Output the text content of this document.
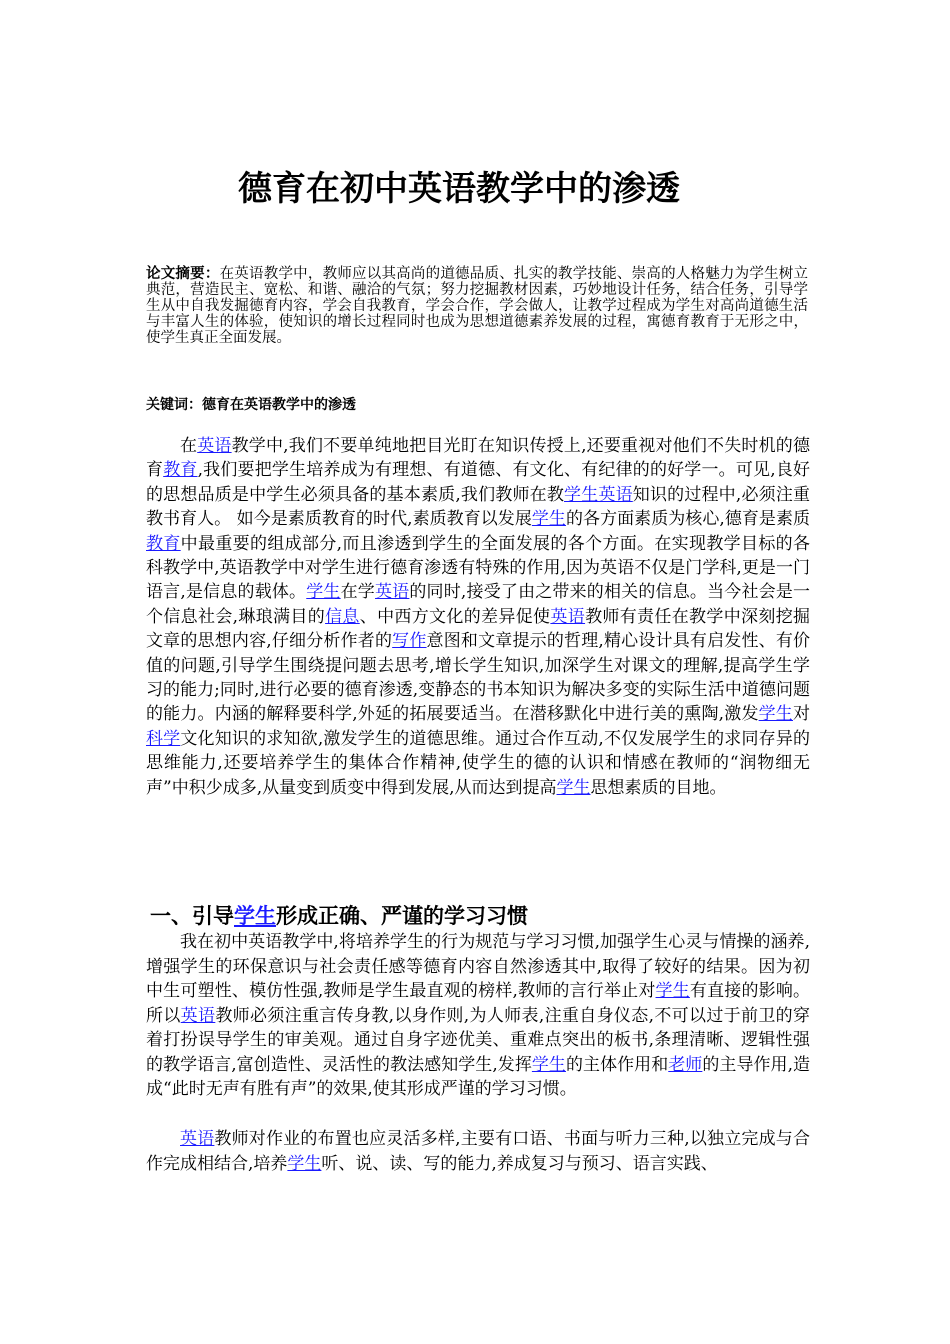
德育在初中英语教学中的渗透

论文摘要：在英语教学中，教师应以其高尚的道德品质、扎实的教学技能、崇高的人格魅力为学生树立典范，营造民主、宽松、和谐、融洽的气氛；努力挖掘教材因素，巧妙地设计任务，结合任务，引导学生从中自我发掘德育内容，学会自我教育，学会合作，学会做人，让教学过程成为学生对高尚道德生活与丰富人生的体验，使知识的增长过程同时也成为思想道德素养发展的过程，寓德育教育于无形之中，使学生真正全面发展。

关键词：德育在英语教学中的渗透

在英语教学中,我们不要单纯地把目光盯在知识传授上,还要重视对他们不失时机的德育教育,我们要把学生培养成为有理想、有道德、有文化、有纪律的的好学一。可见,良好的思想品质是中学生必须具备的基本素质,我们教师在教学生英语知识的过程中,必须注重教书育人。 如今是素质教育的时代,素质教育以发展学生的各方面素质为核心,德育是素质教育中最重要的组成部分,而且渗透到学生的全面发展的各个方面。在实现教学目标的各科教学中,英语教学中对学生进行德育渗透有特殊的作用,因为英语不仅是门学科,更是一门语言,是信息的载体。学生在学英语的同时,接受了由之带来的相关的信息。当今社会是一个信息社会,琳琅满目的信息、中西方文化的差异促使英语教师有责任在教学中深刻挖掘文章的思想内容,仔细分析作者的写作意图和文章提示的哲理,精心设计具有启发性、有价值的问题,引导学生围绕提问题去思考,增长学生知识,加深学生对课文的理解,提高学生学习的能力;同时,进行必要的德育渗透,变静态的书本知识为解决多变的实际生活中道德问题的能力。内涵的解释要科学,外延的拓展要适当。在潜移默化中进行美的熏陶,激发学生对科学文化知识的求知欲,激发学生的道德思维。通过合作互动,不仅发展学生的求同存异的思维能力,还要培养学生的集体合作精神,使学生的德的认识和情感在教师的“润物细无声”中积少成多,从量变到质变中得到发展,从而达到提高学生思想素质的目地。

一、引导学生形成正确、严谨的学习习惯

我在初中英语教学中,将培养学生的行为规范与学习习惯,加强学生心灵与情操的涵养,增强学生的环保意识与社会责任感等德育内容自然渗透其中,取得了较好的结果。因为初中生可塑性、模仿性强,教师是学生最直观的榜样,教师的言行举止对学生有直接的影响。所以英语教师必须注重言传身教,以身作则,为人师表,注重自身仪态,不可以过于前卫的穿着打扮误导学生的审美观。通过自身字迹优美、重难点突出的板书,条理清晰、逻辑性强的教学语言,富创造性、灵活性的教法感知学生,发挥学生的主体作用和老师的主导作用,造成“此时无声有胜有声”的效果,使其形成严谨的学习习惯。

英语教师对作业的布置也应灵活多样,主要有口语、书面与听力三种,以独立完成与合作完成相结合,培养学生听、说、读、写的能力,养成复习与预习、语言实践、
